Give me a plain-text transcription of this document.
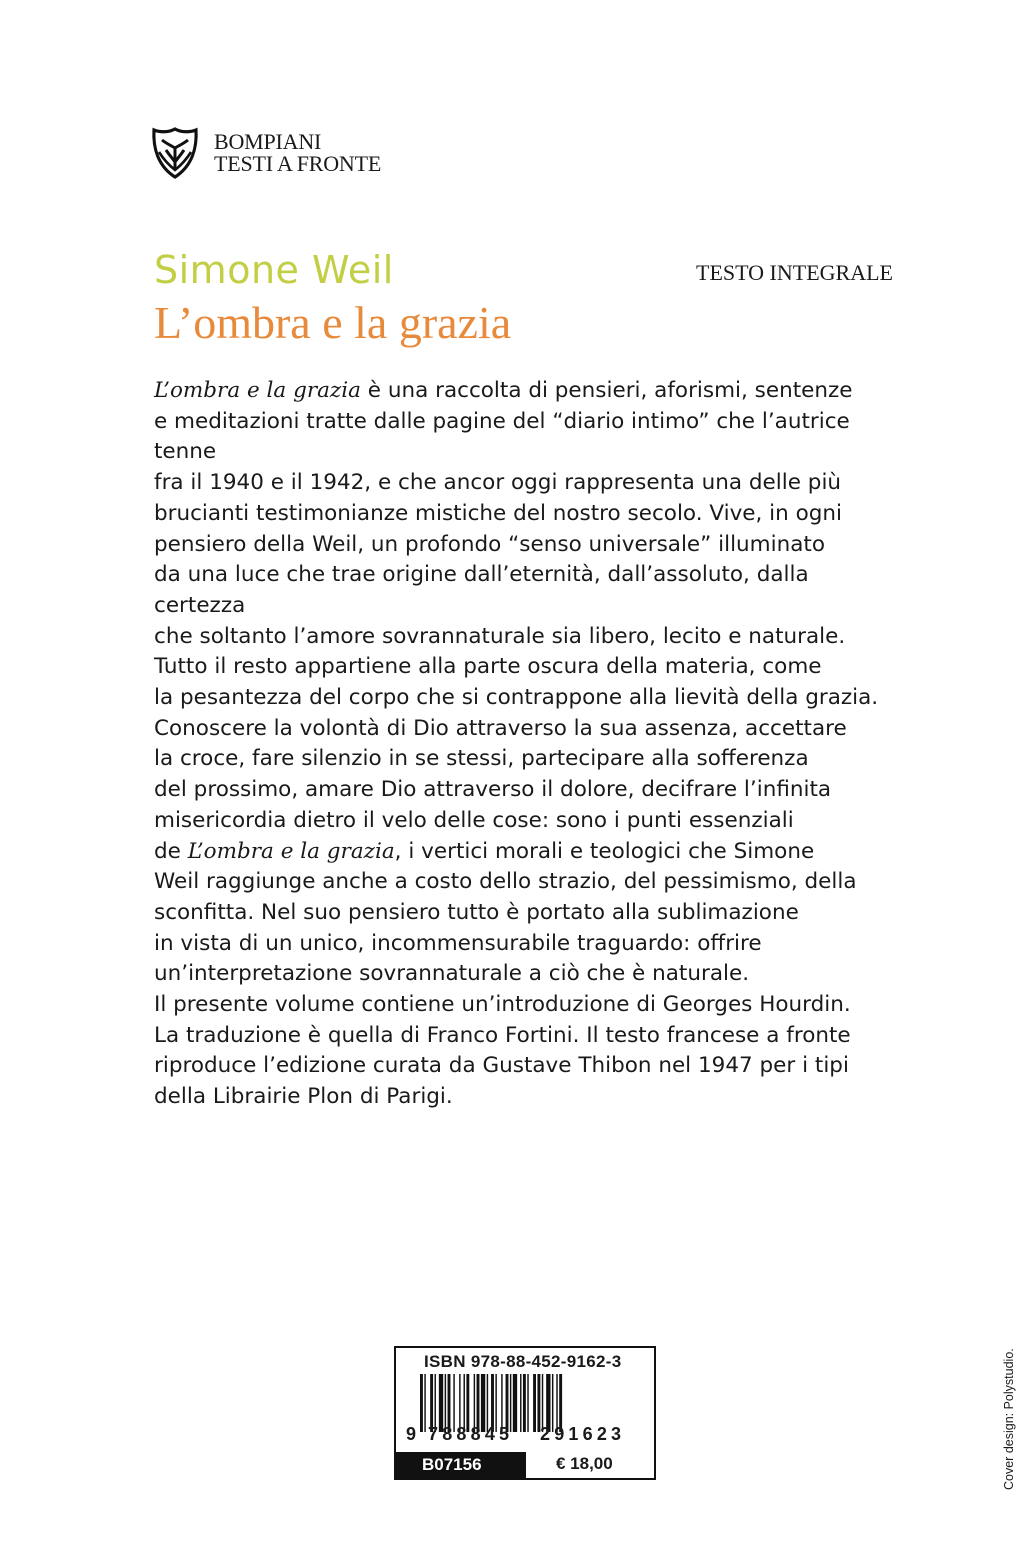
BOMPIANI
TESTI A FRONTE
Simone Weil
L’ombra e la grazia
TESTO INTEGRALE

L’ombra e la grazia è una raccolta di pensieri, aforismi, sentenze

e meditazioni tratte dalle pagine del “diario intimo” che l’autrice tenne

fra il 1940 e il 1942, e che ancor oggi rappresenta una delle più

brucianti testimonianze mistiche del nostro secolo. Vive, in ogni

pensiero della Weil, un profondo “senso universale” illuminato

da una luce che trae origine dall’eternità, dall’assoluto, dalla certezza

che soltanto l’amore sovrannaturale sia libero, lecito e naturale.

Tutto il resto appartiene alla parte oscura della materia, come

la pesantezza del corpo che si contrappone alla lievità della grazia.

Conoscere la volontà di Dio attraverso la sua assenza, accettare

la croce, fare silenzio in se stessi, partecipare alla sofferenza

del prossimo, amare Dio attraverso il dolore, decifrare l’infinita

misericordia dietro il velo delle cose: sono i punti essenziali

de L’ombra e la grazia, i vertici morali e teologici che Simone

Weil raggiunge anche a costo dello strazio, del pessimismo, della

sconfitta. Nel suo pensiero tutto è portato alla sublimazione

in vista di un unico, incommensurabile traguardo: offrire

un’interpretazione sovrannaturale a ciò che è naturale.

Il presente volume contiene un’introduzione di Georges Hourdin.

La traduzione è quella di Franco Fortini. Il testo francese a fronte

riproduce l’edizione curata da Gustave Thibon nel 1947 per i tipi

della Librairie Plon di Parigi.

Cover design: Polystudio.
ISBN 978-88-452-9162-3
9 788845	291623
B07156	€ 18,00
